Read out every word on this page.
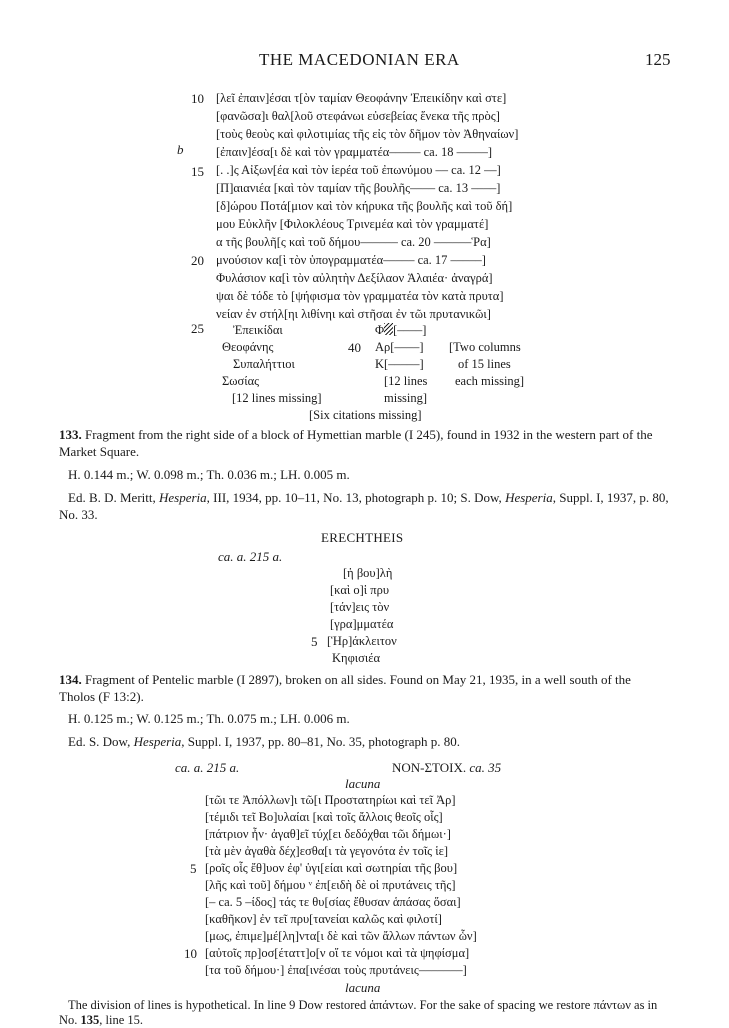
THE MACEDONIAN ERA	125
10
b
15
20
25
[λεῖ ἐπαιν]έσαι τ[ὸν ταμίαν Θεοφάνην Ἐπεικίδην καὶ στε]
[φανῶσα]ι θαλ[λοῦ στεφάνωι εὐσεβείας ἕνεκα τῆς πρὸς]
[τοὺς θεοὺς καὶ φιλοτιμίας τῆς εἰς τὸν δῆμον τὸν Ἀθηναίων]
[ἐπαιν]έσα[ι δὲ καὶ τὸν γραμματέα––––– ca. 18 –––––]
[. .]ς Αἰξων[έα καὶ τὸν ἱερέα τοῦ ἐπωνύμου –– ca. 12 ––]
[Π]αιανιέα [καὶ τὸν ταμίαν τῆς βουλῆς–––– ca. 13 ––––]
[δ]ώρου Ποτά[μιον καὶ τὸν κήρυκα τῆς βουλῆς καὶ τοῦ δή]
μου Εὐκλῆν [Φιλοκλέους Τρινεμέα καὶ τὸν γραμματέ]
α τῆς βουλῆ[ς καὶ τοῦ δήμου–––––– ca. 20 ––––––Ῥα]
μνούσιον κα[ὶ τὸν ὑπογραμματέα––––– ca. 17 –––––]
Φυλάσιον κα[ὶ τὸν αὐλητὴν Δεξίλαον Ἁλαιέα· ἀναγρά]
ψαι δὲ τόδε τὸ [ψήφισμα τὸν γραμματέα τὸν κατὰ πρυτα]
νείαν ἐν στήλ[ηι λιθίνηι καὶ στῆσαι ἐν τῶι πρυτανικῶι]
Ἐπεικίδαι
Θεοφάνης
Συπαλήττιοι
Σωσίας
[12 lines missing]
40
Φ [––––]
Αρ[––––]
Κ[–––––]
[12 lines
missing]
[Two columns
of 15 lines
each missing]
[Six citations missing]
133. Fragment from the right side of a block of Hymettian marble (I 245), found in 1932 in the western part of the Market Square.
H. 0.144 m.; W. 0.098 m.; Th. 0.036 m.; LH. 0.005 m.
Ed. B. D. Meritt, Hesperia, III, 1934, pp. 10–11, No. 13, photograph p. 10; S. Dow, Hesperia, Suppl. I, 1937, p. 80, No. 33.
ERECHTHEIS
ca. a. 215 a.
[ἡ βου]λὴ
[καὶ ο]ἱ πρυ
[τάν]εις τὸν
[γρα]μματέα
5 [Ἡρ]άκλειτον
Κηφισιέα
134. Fragment of Pentelic marble (I 2897), broken on all sides. Found on May 21, 1935, in a well south of the Tholos (F 13:2).
H. 0.125 m.; W. 0.125 m.; Th. 0.075 m.; LH. 0.006 m.
Ed. S. Dow, Hesperia, Suppl. I, 1937, pp. 80–81, No. 35, photograph p. 80.
ca. a. 215 a.	ΝΟΝ-ΣΤΟΙΧ. ca. 35
lacuna
[τῶι τε Ἀπόλλων]ι τῶ[ι Προστατηρίωι καὶ τεῖ Ἀρ]
[τέμιδι τεῖ Βο]υλαίαι [καὶ τοῖς ἄλλοις θεοῖς οἷς]
[πάτριον ἦν· ἀγαθ]εῖ τύχ[ει δεδόχθαι τῶι δήμωι·]
[τὰ μὲν ἀγαθὰ δέχ]εσθα[ι τὰ γεγονότα ἐν τοῖς ἱε]
5 [ροῖς οἷς ἔθ]υον ἐφ' ὑγι[είαι καὶ σωτηρίαι τῆς βου]
[λῆς καὶ τοῦ] δήμου ᵛ ἐπ[ειδὴ δὲ οἱ πρυτάνεις τῆς]
[– ca. 5 –ίδος] τάς τε θυ[σίας ἔθυσαν ἁπάσας ὅσαι]
[καθῆκον] ἐν τεῖ πρυ[τανείαι καλῶς καὶ φιλοτί]
[μως, ἐπιμε]μέ[λη]ντα[ι δὲ καὶ τῶν ἄλλων πάντων ὧν]
10 [αὐτοῖς πρ]οσ[έταττ]ο[ν οἵ τε νόμοι καὶ τὰ ψηφίσμα]
[τα τοῦ δήμου·] ἐπα[ινέσαι τοὺς πρυτάνεις–––––––]
lacuna
The division of lines is hypothetical. In line 9 Dow restored ἁπάντων. For the sake of spacing we restore πάντων as in No. 135, line 15.
